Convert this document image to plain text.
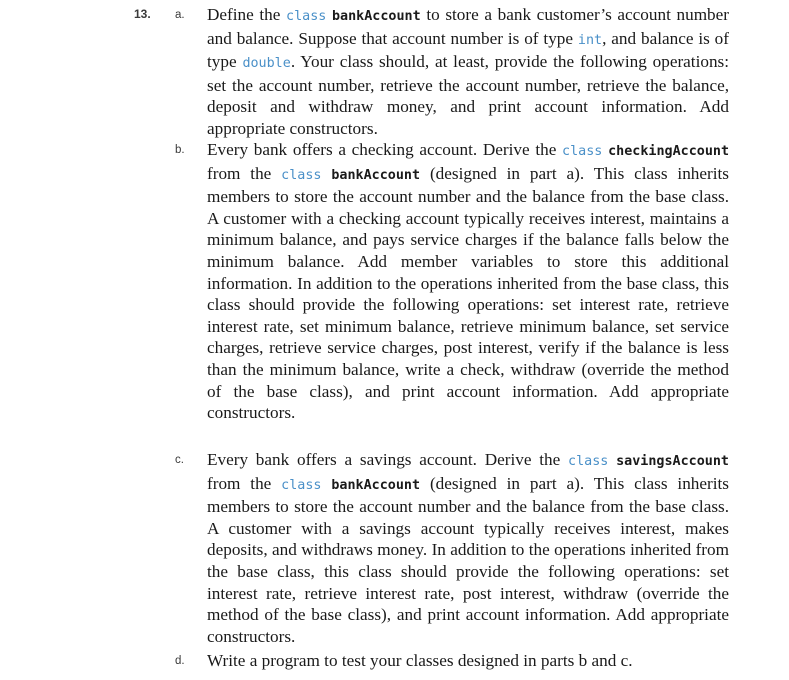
13. a. Define the class bankAccount to store a bank customer’s account number and balance. Suppose that account number is of type int, and balance is of type double. Your class should, at least, provide the following operations: set the account number, retrieve the account number, retrieve the balance, deposit and withdraw money, and print account information. Add appropriate constructors.
b. Every bank offers a checking account. Derive the class checkingAccount from the class bankAccount (designed in part a). This class inherits members to store the account number and the balance from the base class. A customer with a checking account typically receives interest, maintains a minimum balance, and pays service charges if the balance falls below the minimum balance. Add member variables to store this additional information. In addition to the operations inherited from the base class, this class should provide the following operations: set interest rate, retrieve interest rate, set minimum balance, retrieve minimum balance, set service charges, retrieve service charges, post interest, verify if the balance is less than the minimum balance, write a check, withdraw (override the method of the base class), and print account information. Add appropriate constructors.
c. Every bank offers a savings account. Derive the class savingsAccount from the class bankAccount (designed in part a). This class inherits members to store the account number and the balance from the base class. A customer with a savings account typically receives interest, makes deposits, and withdraws money. In addition to the operations inherited from the base class, this class should provide the following operations: set interest rate, retrieve interest rate, post interest, withdraw (override the method of the base class), and print account information. Add appropriate constructors.
d. Write a program to test your classes designed in parts b and c.
